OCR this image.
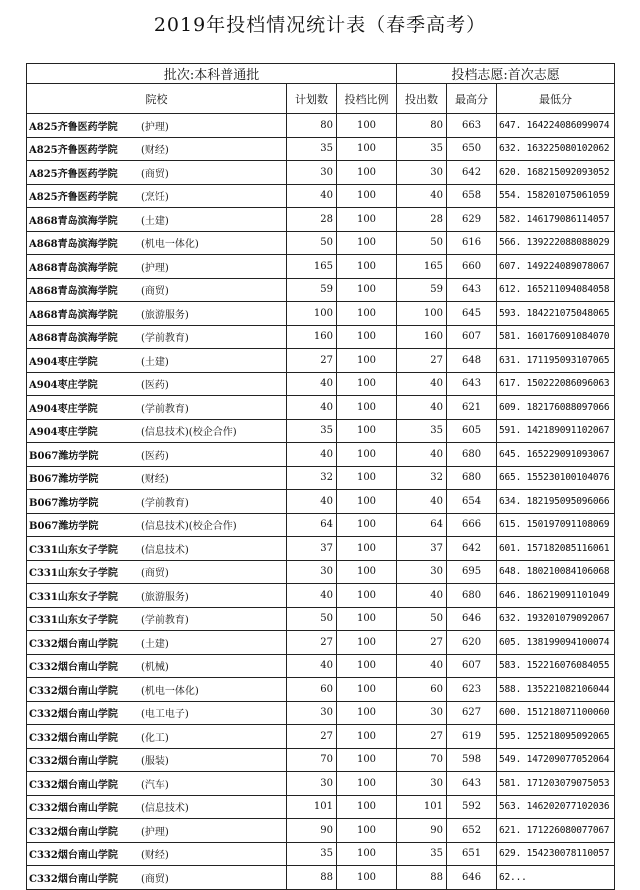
2019年投档情况统计表（春季高考）
批次:本科普通批			投档志愿:首次志愿		
院校	计划数	投档比例	投出数	最高分	最低分
A825齐鲁医药学院 (护理)	80	100	80	663	647. 164224086099074
A825齐鲁医药学院 (财经)	35	100	35	650	632. 163225080102062
A825齐鲁医药学院 (商贸)	30	100	30	642	620. 168215092093052
A825齐鲁医药学院 (烹饪)	40	100	40	658	554. 158201075061059
A868青岛滨海学院 (土建)	28	100	28	629	582. 146179086114057
A868青岛滨海学院 (机电一体化)	50	100	50	616	566. 139222088088029
A868青岛滨海学院 (护理)	165	100	165	660	607. 149224089078067
A868青岛滨海学院 (商贸)	59	100	59	643	612. 165211094084058
A868青岛滨海学院 (旅游服务)	100	100	100	645	593. 184221075048065
A868青岛滨海学院 (学前教育)	160	100	160	607	581. 160176091084070
A904枣庄学院 (土建)	27	100	27	648	631. 171195093107065
A904枣庄学院 (医药)	40	100	40	643	617. 150222086096063
A904枣庄学院 (学前教育)	40	100	40	621	609. 182176088097066
A904枣庄学院 (信息技术)(校企合作)	35	100	35	605	591. 142189091102067
B067潍坊学院 (医药)	40	100	40	680	645. 165229091093067
B067潍坊学院 (财经)	32	100	32	680	665. 155230100104076
B067潍坊学院 (学前教育)	40	100	40	654	634. 182195095096066
B067潍坊学院 (信息技术)(校企合作)	64	100	64	666	615. 150197091108069
C331山东女子学院 (信息技术)	37	100	37	642	601. 157182085116061
C331山东女子学院 (商贸)	30	100	30	695	648. 180210084106068
C331山东女子学院 (旅游服务)	40	100	40	680	646. 186219091101049
C331山东女子学院 (学前教育)	50	100	50	646	632. 193201079092067
C332烟台南山学院 (土建)	27	100	27	620	605. 138199094100074
C332烟台南山学院 (机械)	40	100	40	607	583. 152216076084055
C332烟台南山学院 (机电一体化)	60	100	60	623	588. 135221082106044
C332烟台南山学院 (电工电子)	30	100	30	627	600. 151218071100060
C332烟台南山学院 (化工)	27	100	27	619	595. 125218095092065
C332烟台南山学院 (服装)	70	100	70	598	549. 147209077052064
C332烟台南山学院 (汽车)	30	100	30	643	581. 171203079075053
C332烟台南山学院 (信息技术)	101	100	101	592	563. 146202077102036
C332烟台南山学院 (护理)	90	100	90	652	621. 171226080077067
C332烟台南山学院 (财经)	35	100	35	651	629. 154230078110057
C332烟台南山学院 (商贸)	88	100	88	646	62...
